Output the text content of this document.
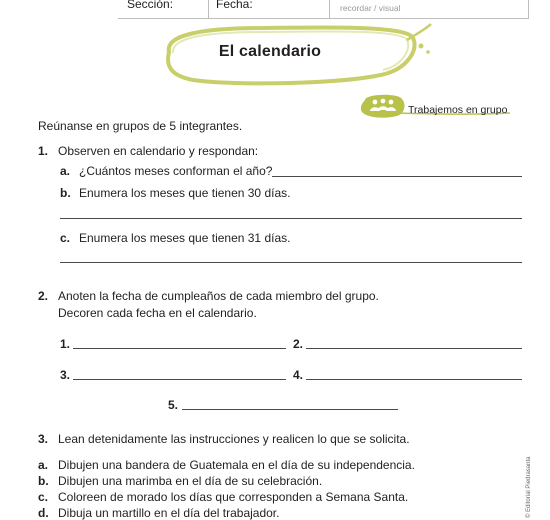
Sección:	Fecha:	recordar / visual
El calendario
Trabajemos en grupo
Reúnanse en grupos de 5 integrantes.
1. Observen en calendario y respondan:
a. ¿Cuántos meses conforman el año?
b. Enumera los meses que tienen 30 días.
c. Enumera los meses que tienen 31 días.
2. Anoten la fecha de cumpleaños de cada miembro del grupo.
Decoren cada fecha en el calendario.
1.	2.
3.	4.
5.
3. Lean detenidamente las instrucciones y realicen lo que se solicita.
a. Dibujen una bandera de Guatemala en el día de su independencia.
b. Dibujen una marimba en el día de su celebración.
c. Coloreen de morado los días que corresponden a Semana Santa.
d. Dibuja un martillo en el día del trabajador.	© Editorial Piedrasanta
